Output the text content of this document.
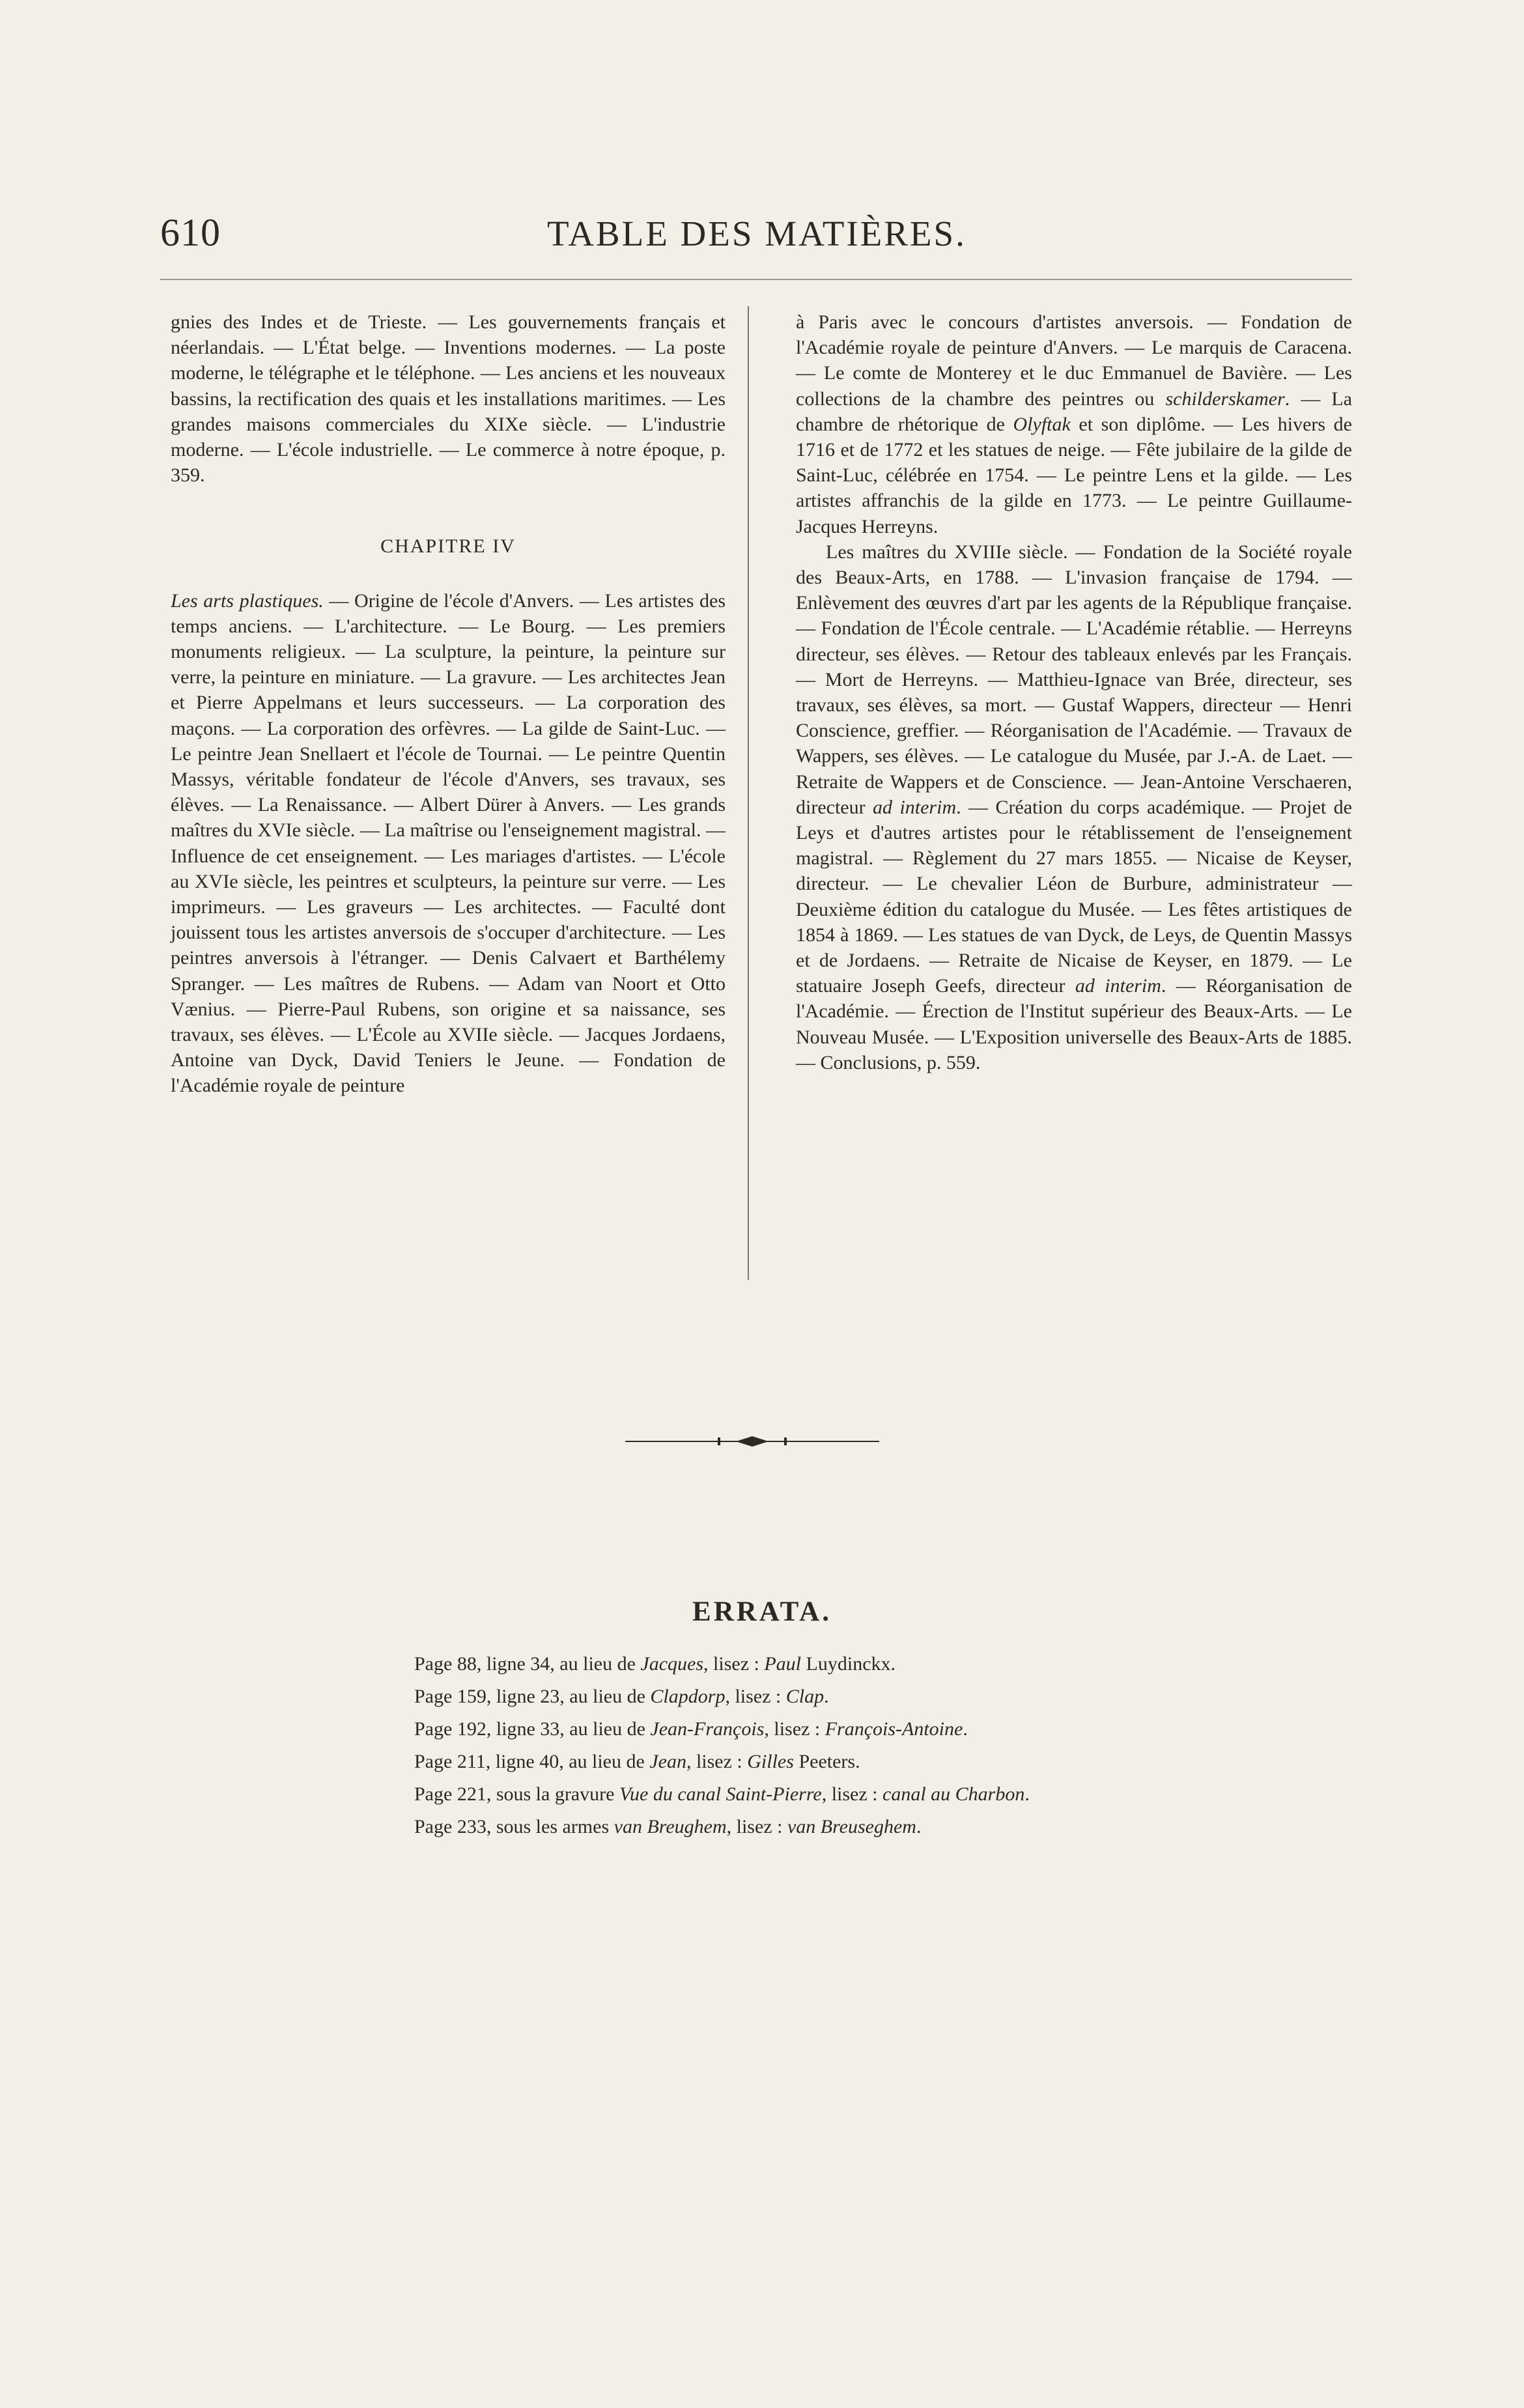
610	TABLE DES MATIÈRES.

gnies des Indes et de Trieste. — Les gouvernements français et néerlandais. — L'État belge. — Inventions modernes. — La poste moderne, le télégraphe et le téléphone. — Les anciens et les nouveaux bassins, la rectification des quais et les installations maritimes. — Les grandes maisons commerciales du XIXe siècle. — L'industrie moderne. — L'école industrielle. — Le commerce à notre époque, p. 359.

CHAPITRE IV

Les arts plastiques. — Origine de l'école d'Anvers. — Les artistes des temps anciens. — L'architecture. — Le Bourg. — Les premiers monuments religieux. — La sculpture, la peinture, la peinture sur verre, la peinture en miniature. — La gravure. — Les architectes Jean et Pierre Appelmans et leurs successeurs. — La corporation des maçons. — La corporation des orfèvres. — La gilde de Saint-Luc. — Le peintre Jean Snellaert et l'école de Tournai. — Le peintre Quentin Massys, véritable fondateur de l'école d'Anvers, ses travaux, ses élèves. — La Renaissance. — Albert Dürer à Anvers. — Les grands maîtres du XVIe siècle. — La maîtrise ou l'enseignement magistral. — Influence de cet enseignement. — Les mariages d'artistes. — L'école au XVIe siècle, les peintres et sculpteurs, la peinture sur verre. — Les imprimeurs. — Les graveurs — Les architectes. — Faculté dont jouissent tous les artistes anversois de s'occuper d'architecture. — Les peintres anversois à l'étranger. — Denis Calvaert et Barthélemy Spranger. — Les maîtres de Rubens. — Adam van Noort et Otto Vænius. — Pierre-Paul Rubens, son origine et sa naissance, ses travaux, ses élèves. — L'École au XVIIe siècle. — Jacques Jordaens, Antoine van Dyck, David Teniers le Jeune. — Fondation de l'Académie royale de peinture

à Paris avec le concours d'artistes anversois. — Fondation de l'Académie royale de peinture d'Anvers. — Le marquis de Caracena. — Le comte de Monterey et le duc Emmanuel de Bavière. — Les collections de la chambre des peintres ou schilderskamer. — La chambre de rhétorique de Olyftak et son diplôme. — Les hivers de 1716 et de 1772 et les statues de neige. — Fête jubilaire de la gilde de Saint-Luc, célébrée en 1754. — Le peintre Lens et la gilde. — Les artistes affranchis de la gilde en 1773. — Le peintre Guillaume-Jacques Herreyns.

Les maîtres du XVIIIe siècle. — Fondation de la Société royale des Beaux-Arts, en 1788. — L'invasion française de 1794. — Enlèvement des œuvres d'art par les agents de la République française. — Fondation de l'École centrale. — L'Académie rétablie. — Herreyns directeur, ses élèves. — Retour des tableaux enlevés par les Français. — Mort de Herreyns. — Matthieu-Ignace van Brée, directeur, ses travaux, ses élèves, sa mort. — Gustaf Wappers, directeur — Henri Conscience, greffier. — Réorganisation de l'Académie. — Travaux de Wappers, ses élèves. — Le catalogue du Musée, par J.-A. de Laet. — Retraite de Wappers et de Conscience. — Jean-Antoine Verschaeren, directeur ad interim. — Création du corps académique. — Projet de Leys et d'autres artistes pour le rétablissement de l'enseignement magistral. — Règlement du 27 mars 1855. — Nicaise de Keyser, directeur. — Le chevalier Léon de Burbure, administrateur — Deuxième édition du catalogue du Musée. — Les fêtes artistiques de 1854 à 1869. — Les statues de van Dyck, de Leys, de Quentin Massys et de Jordaens. — Retraite de Nicaise de Keyser, en 1879. — Le statuaire Joseph Geefs, directeur ad interim. — Réorganisation de l'Académie. — Érection de l'Institut supérieur des Beaux-Arts. — Le Nouveau Musée. — L'Exposition universelle des Beaux-Arts de 1885. — Conclusions, p. 559.

ERRATA.
Page 88, ligne 34, au lieu de Jacques, lisez : Paul Luydinckx.
Page 159, ligne 23, au lieu de Clapdorp, lisez : Clap.
Page 192, ligne 33, au lieu de Jean-François, lisez : François-Antoine.
Page 211, ligne 40, au lieu de Jean, lisez : Gilles Peeters.
Page 221, sous la gravure Vue du canal Saint-Pierre, lisez : canal au Charbon.
Page 233, sous les armes van Breughem, lisez : van Breuseghem.
